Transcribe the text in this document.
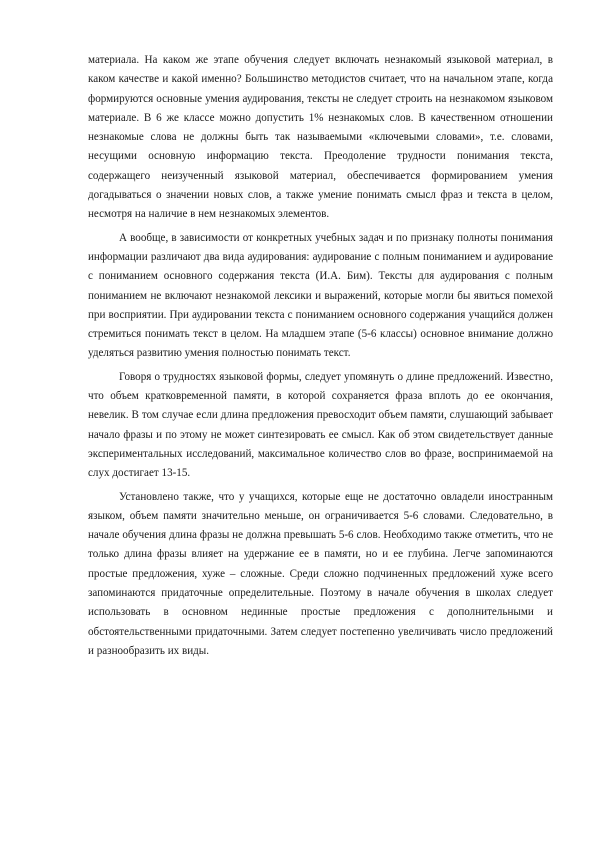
материала. На каком же этапе обучения следует включать незнакомый языковой материал, в каком качестве и какой именно? Большинство методистов считает, что на начальном этапе, когда формируются основные умения аудирования, тексты не следует строить на незнакомом языковом материале. В 6 же классе можно допустить 1% незнакомых слов. В качественном отношении незнакомые слова не должны быть так называемыми «ключевыми словами», т.е. словами, несущими основную информацию текста. Преодоление трудности понимания текста, содержащего неизученный языковой материал, обеспечивается формированием умения догадываться о значении новых слов, а также умение понимать смысл фраз и текста в целом, несмотря на наличие в нем незнакомых элементов.

А вообще, в зависимости от конкретных учебных задач и по признаку полноты понимания информации различают два вида аудирования: аудирование с полным пониманием и аудирование с пониманием основного содержания текста (И.А. Бим). Тексты для аудирования с полным пониманием не включают незнакомой лексики и выражений, которые могли бы явиться помехой при восприятии. При аудировании текста с пониманием основного содержания учащийся должен стремиться понимать текст в целом. На младшем этапе (5-6 классы) основное внимание должно уделяться развитию умения полностью понимать текст.

Говоря о трудностях языковой формы, следует упомянуть о длине предложений. Известно, что объем кратковременной памяти, в которой сохраняется фраза вплоть до ее окончания, невелик. В том случае если длина предложения превосходит объем памяти, слушающий забывает начало фразы и по этому не может синтезировать ее смысл. Как об этом свидетельствует данные экспериментальных исследований, максимальное количество слов во фразе, воспринимаемой на слух достигает 13-15.

Установлено также, что у учащихся, которые еще не достаточно овладели иностранным языком, объем памяти значительно меньше, он ограничивается 5-6 словами. Следовательно, в начале обучения длина фразы не должна превышать 5-6 слов. Необходимо также отметить, что не только длина фразы влияет на удержание ее в памяти, но и ее глубина. Легче запоминаются простые предложения, хуже – сложные. Среди сложно подчиненных предложений хуже всего запоминаются придаточные определительные. Поэтому в начале обучения в школах следует использовать в основном нединные простые предложения с дополнительными и обстоятельственными придаточными. Затем следует постепенно увеличивать число предложений и разнообразить их виды.
